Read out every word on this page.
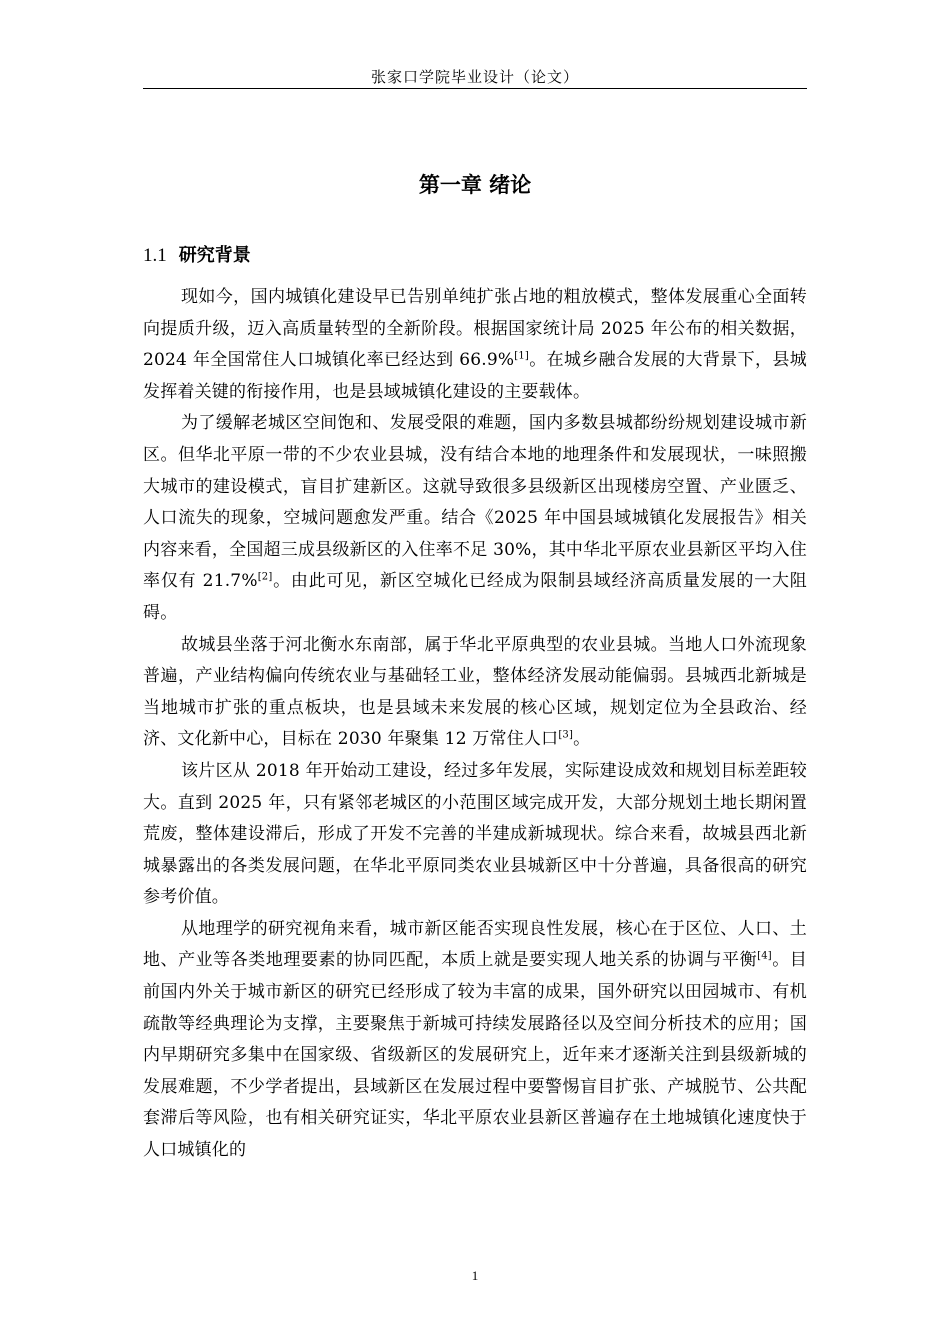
张家口学院毕业设计（论文）
第一章 绪论
1.1 研究背景

现如今，国内城镇化建设早已告别单纯扩张占地的粗放模式，整体发展重心全面转向提质升级，迈入高质量转型的全新阶段。根据国家统计局 2025 年公布的相关数据，2024 年全国常住人口城镇化率已经达到 66.9%[1]。在城乡融合发展的大背景下，县城发挥着关键的衔接作用，也是县域城镇化建设的主要载体。

为了缓解老城区空间饱和、发展受限的难题，国内多数县城都纷纷规划建设城市新区。但华北平原一带的不少农业县城，没有结合本地的地理条件和发展现状，一味照搬大城市的建设模式，盲目扩建新区。这就导致很多县级新区出现楼房空置、产业匮乏、人口流失的现象，空城问题愈发严重。结合《2025 年中国县域城镇化发展报告》相关内容来看，全国超三成县级新区的入住率不足 30%，其中华北平原农业县新区平均入住率仅有 21.7%[2]。由此可见，新区空城化已经成为限制县域经济高质量发展的一大阻碍。

故城县坐落于河北衡水东南部，属于华北平原典型的农业县城。当地人口外流现象普遍，产业结构偏向传统农业与基础轻工业，整体经济发展动能偏弱。县城西北新城是当地城市扩张的重点板块，也是县域未来发展的核心区域，规划定位为全县政治、经济、文化新中心，目标在 2030 年聚集 12 万常住人口[3]。

该片区从 2018 年开始动工建设，经过多年发展，实际建设成效和规划目标差距较大。直到 2025 年，只有紧邻老城区的小范围区域完成开发，大部分规划土地长期闲置荒废，整体建设滞后，形成了开发不完善的半建成新城现状。综合来看，故城县西北新城暴露出的各类发展问题，在华北平原同类农业县城新区中十分普遍，具备很高的研究参考价值。

从地理学的研究视角来看，城市新区能否实现良性发展，核心在于区位、人口、土地、产业等各类地理要素的协同匹配，本质上就是要实现人地关系的协调与平衡[4]。目前国内外关于城市新区的研究已经形成了较为丰富的成果，国外研究以田园城市、有机疏散等经典理论为支撑，主要聚焦于新城可持续发展路径以及空间分析技术的应用；国内早期研究多集中在国家级、省级新区的发展研究上，近年来才逐渐关注到县级新城的发展难题，不少学者提出，县域新区在发展过程中要警惕盲目扩张、产城脱节、公共配套滞后等风险，也有相关研究证实，华北平原农业县新区普遍存在土地城镇化速度快于人口城镇化的

1
